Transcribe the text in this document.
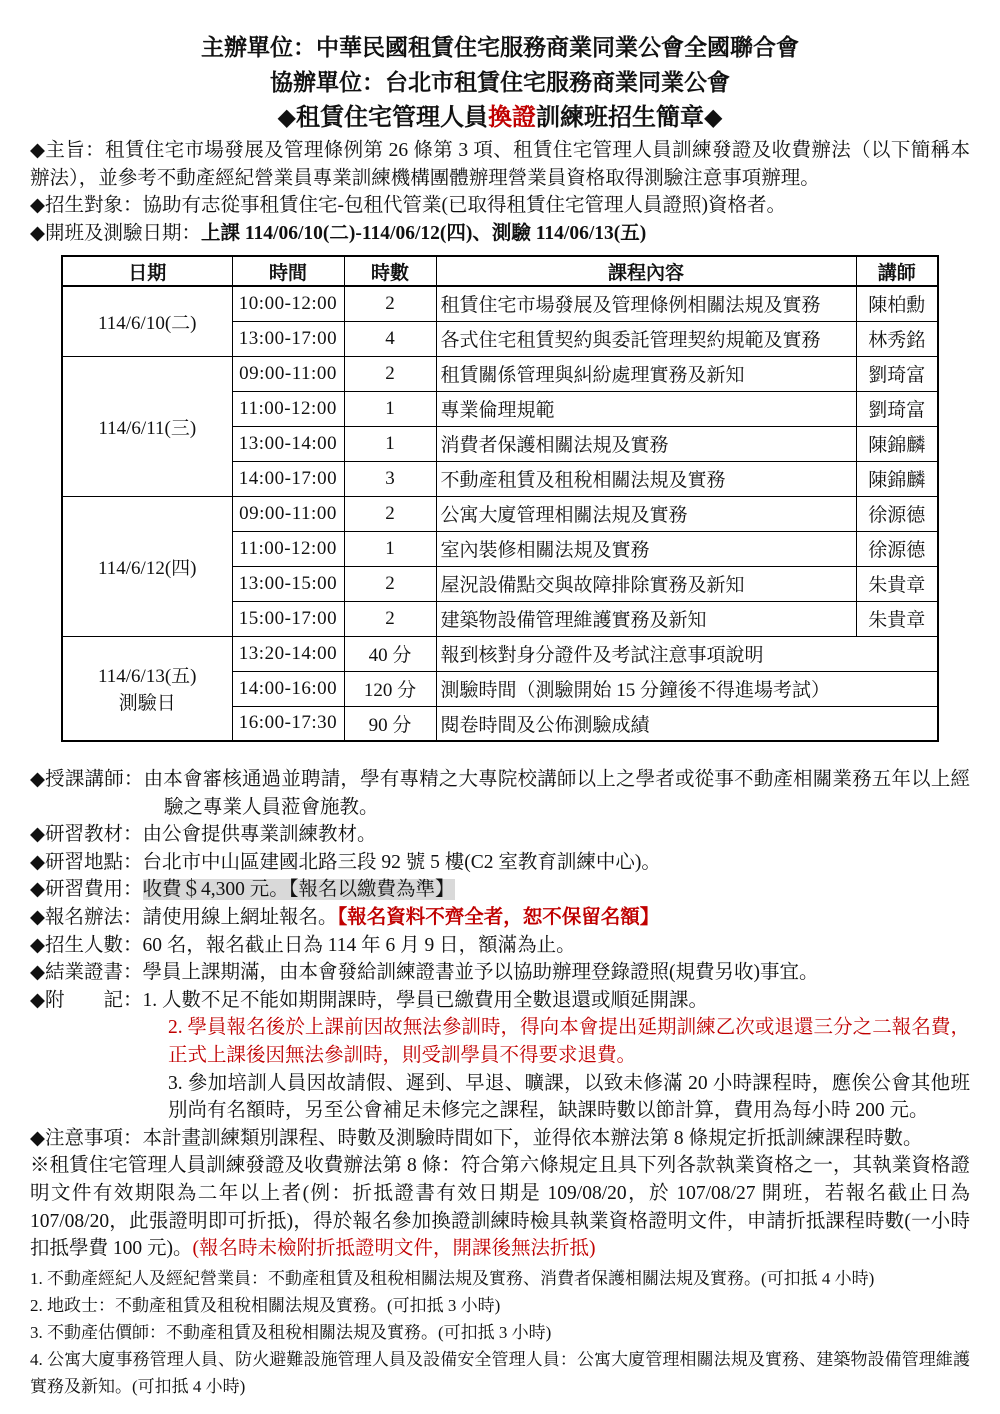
主辦單位：中華民國租賃住宅服務商業同業公會全國聯合會
協辦單位：台北市租賃住宅服務商業同業公會
◆租賃住宅管理人員換證訓練班招生簡章◆

◆主旨：租賃住宅市場發展及管理條例第 26 條第 3 項、租賃住宅管理人員訓練發證及收費辦法（以下簡稱本辦法），並參考不動產經紀營業員專業訓練機構團體辦理營業員資格取得測驗注意事項辦理。

◆招生對象：協助有志從事租賃住宅-包租代管業(已取得租賃住宅管理人員證照)資格者。

◆開班及測驗日期：上課 114/06/10(二)-114/06/12(四)、測驗 114/06/13(五)

日期	時間	時數	課程內容	講師
114/6/10(二)	10:00-12:00	2	租賃住宅市場發展及管理條例相關法規及實務	陳柏勳
	13:00-17:00	4	各式住宅租賃契約與委託管理契約規範及實務	林秀銘
114/6/11(三)	09:00-11:00	2	租賃關係管理與糾紛處理實務及新知	劉琦富
	11:00-12:00	1	專業倫理規範	劉琦富
	13:00-14:00	1	消費者保護相關法規及實務	陳錦麟
	14:00-17:00	3	不動產租賃及租稅相關法規及實務	陳錦麟
114/6/12(四)	09:00-11:00	2	公寓大廈管理相關法規及實務	徐源德
	11:00-12:00	1	室內裝修相關法規及實務	徐源德
	13:00-15:00	2	屋況設備點交與故障排除實務及新知	朱貴章
	15:00-17:00	2	建築物設備管理維護實務及新知	朱貴章

114/6/13(五)
測驗日	13:20-14:00	40 分	報到核對身分證件及考試注意事項說明	
	14:00-16:00	120 分	測驗時間（測驗開始 15 分鐘後不得進場考試）	
	16:00-17:30	90 分	閱卷時間及公佈測驗成績	

◆授課講師：由本會審核通過並聘請，學有專精之大專院校講師以上之學者或從事不動產相關業務五年以上經驗之專業人員蒞會施教。

◆研習教材：由公會提供專業訓練教材。

◆研習地點：台北市中山區建國北路三段 92 號 5 樓(C2 室教育訓練中心)。

◆研習費用：收費＄4,300 元。【報名以繳費為準】

◆報名辦法：請使用線上網址報名。【報名資料不齊全者，恕不保留名額】

◆招生人數：60 名，報名截止日為 114 年 6 月 9 日，額滿為止。

◆結業證書：學員上課期滿，由本會發給訓練證書並予以協助辦理登錄證照(規費另收)事宜。

◆附　　記：1. 人數不足不能如期開課時，學員已繳費用全數退還或順延開課。

2. 學員報名後於上課前因故無法參訓時，得向本會提出延期訓練乙次或退還三分之二報名費，正式上課後因無法參訓時，則受訓學員不得要求退費。

3. 參加培訓人員因故請假、遲到、早退、曠課，以致未修滿 20 小時課程時，應俟公會其他班別尚有名額時，另至公會補足未修完之課程，缺課時數以節計算，費用為每小時 200 元。

◆注意事項：本計畫訓練類別課程、時數及測驗時間如下，並得依本辦法第 8 條規定折抵訓練課程時數。

※租賃住宅管理人員訓練發證及收費辦法第 8 條：符合第六條規定且具下列各款執業資格之一，其執業資格證明文件有效期限為二年以上者(例：折抵證書有效日期是 109/08/20，於 107/08/27 開班，若報名截止日為 107/08/20，此張證明即可折抵)，得於報名參加換證訓練時檢具執業資格證明文件，申請折抵課程時數(一小時扣抵學費 100 元)。(報名時未檢附折抵證明文件，開課後無法折抵)

1. 不動產經紀人及經紀營業員：不動產租賃及租稅相關法規及實務、消費者保護相關法規及實務。(可扣抵 4 小時)
2. 地政士：不動產租賃及租稅相關法規及實務。(可扣抵 3 小時)
3. 不動產估價師：不動產租賃及租稅相關法規及實務。(可扣抵 3 小時)
4. 公寓大廈事務管理人員、防火避難設施管理人員及設備安全管理人員：公寓大廈管理相關法規及實務、建築物設備管理維護實務及新知。(可扣抵 4 小時)
